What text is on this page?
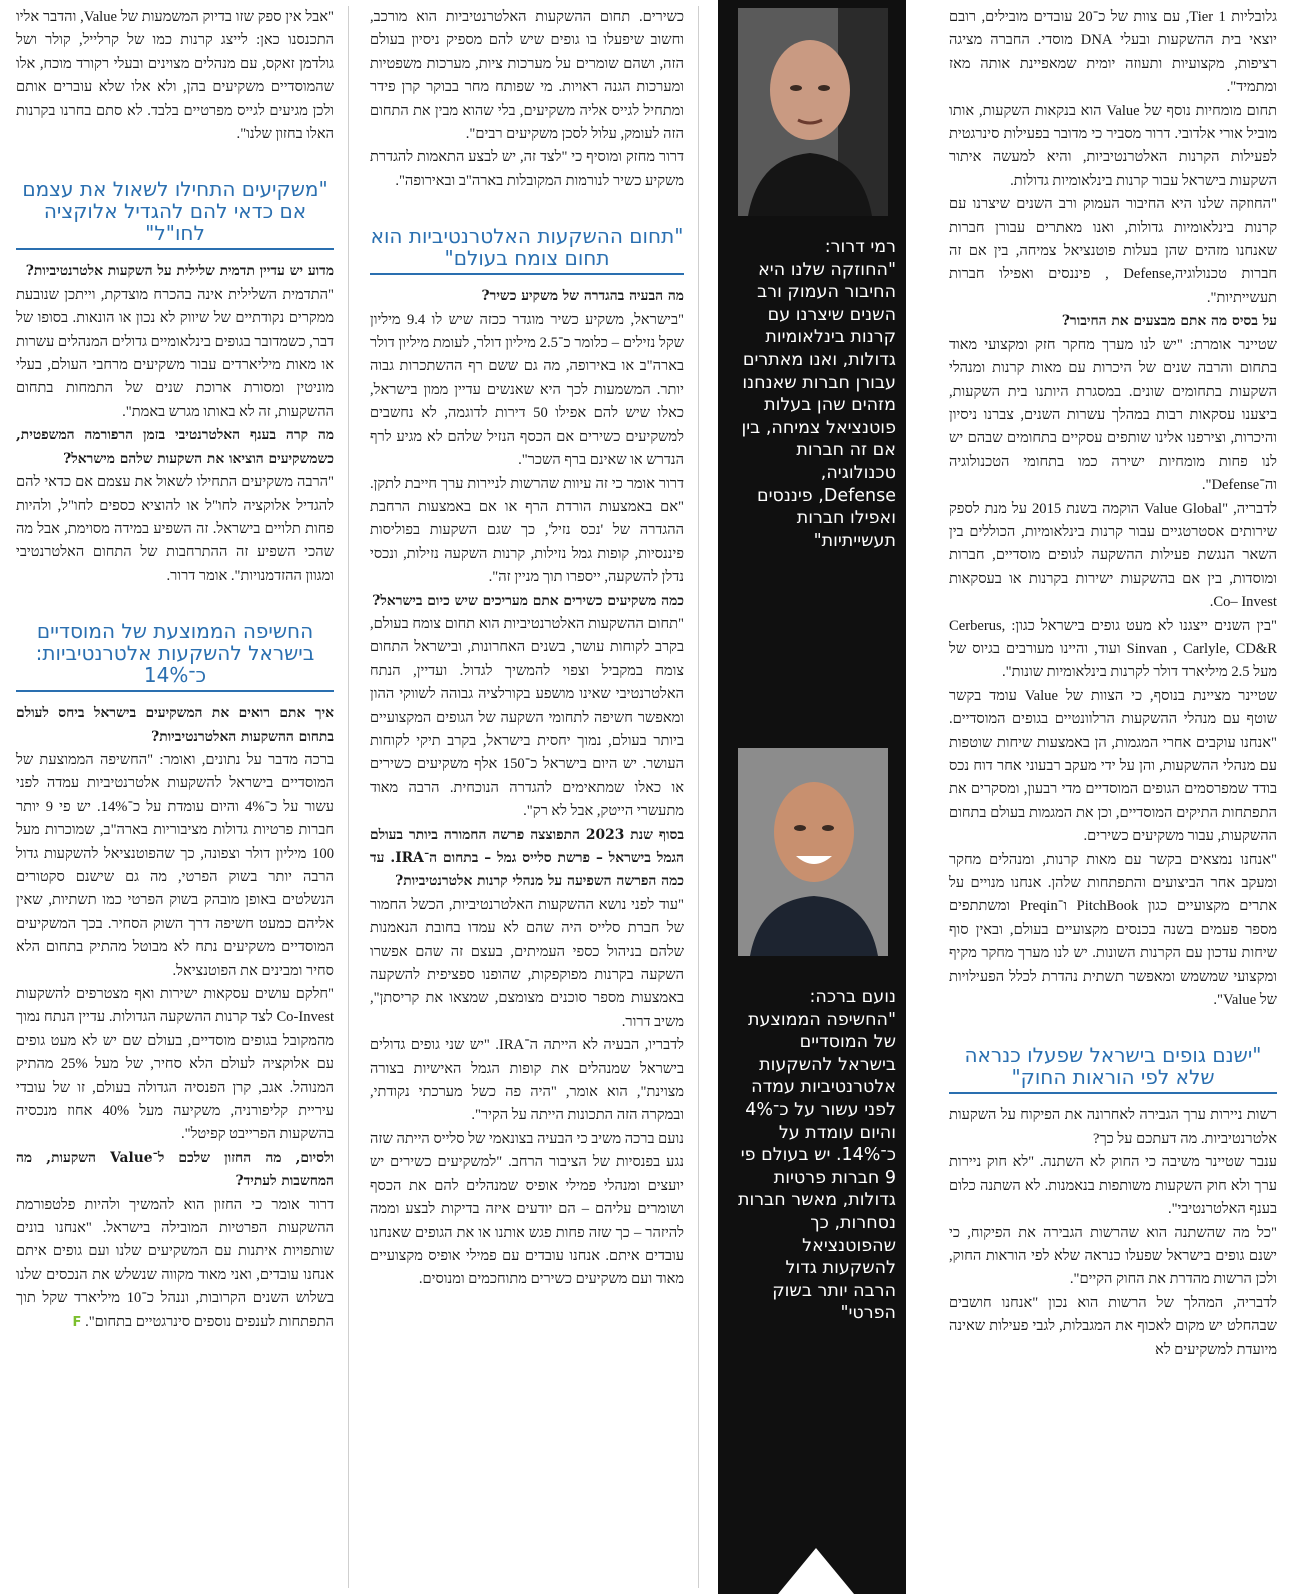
גלובליות Tier 1, עם צוות של כ־20 עובדים מובילים, רובם יוצאי בית ההשקעות ובעלי DNA מוסדי. החברה מציגה רציפות, מקצועיות ותעוזה יומית שמאפיינת אותה מאז ומתמיד".

תחום מומחיות נוסף של Value הוא בנקאות השקעות, אותו מוביל אורי אלדובי. דרור מסביר כי מדובר בפעילות סינרגטית לפעילות הקרנות האלטרנטיביות, והיא למעשה איתור השקעות בישראל עבור קרנות בינלאומיות גדולות.

"החוזקה שלנו היא החיבור העמוק ורב השנים שיצרנו עם קרנות בינלאומיות גדולות, ואנו מאתרים עבורן חברות שאנחנו מזהים שהן בעלות פוטנציאל צמיחה, בין אם זה חברות טכנולוגיה,Defense , פיננסים ואפילו חברות תעשייתיות".

על בסיס מה אתם מבצעים את החיבור?

שטיינר אומרת: "יש לנו מערך מחקר חזק ומקצועי מאוד בתחום והרבה שנים של היכרות עם מאות קרנות ומנהלי השקעות בתחומים שונים. במסגרת היותנו בית השקעות, ביצענו עסקאות רבות במהלך עשרות השנים, צברנו ניסיון והיכרות, וצירפנו אלינו שותפים עסקיים בתחומים שבהם יש לנו פחות מומחיות ישירה כמו בתחומי הטכנולוגיה וה־Defense".

לדבריה, "Value Global הוקמה בשנת 2015 על מנת לספק שירותים אסטרטגיים עבור קרנות בינלאומיות, הכוללים בין השאר הנגשת פעילות ההשקעה לגופים מוסדיים, חברות ומוסדות, בין אם בהשקעות ישירות בקרנות או בעסקאות Co– Invest.

"בין השנים ייצגנו לא מעט גופים בישראל כגון: Cerberus, Sinvan , Carlyle, CD&R ועוד, והיינו מעורבים בגיוס של מעל 2.5 מיליארד דולר לקרנות בינלאומיות שונות".

שטיינר מציינת בנוסף, כי הצוות של Value עומד בקשר שוטף עם מנהלי ההשקעות הרלוונטיים בגופים המוסדיים. "אנחנו עוקבים אחרי המגמות, הן באמצעות שיחות שוטפות עם מנהלי ההשקעות, והן על ידי מעקב רבעוני אחר דוח נכס בודד שמפרסמים הגופים המוסדיים מדי רבעון, ומסקרים את התפתחות התיקים המוסדיים, וכן את המגמות בעולם בתחום ההשקעות, עבור משקיעים כשירים.

"אנחנו נמצאים בקשר עם מאות קרנות, ומנהלים מחקר ומעקב אחר הביצועים והתפתחות שלהן. אנחנו מנויים על אתרים מקצועיים כגון PitchBook ו־Preqin ומשתתפים מספר פעמים בשנה בכנסים מקצועיים בעולם, ובאין סוף שיחות עדכון עם הקרנות השונות. יש לנו מערך מחקר מקיף ומקצועי שמשמש ומאפשר תשתית נהדרת לכלל הפעילויות של Value".

"ישנם גופים בישראל שפעלו כנראה שלא לפי הוראות החוק"

רשות ניירות ערך הגבירה לאחרונה את הפיקוח על השקעות אלטרנטיביות. מה דעתכם על כך?

ענבר שטיינר משיבה כי החוק לא השתנה. "לא חוק ניירות ערך ולא חוק השקעות משותפות בנאמנות. לא השתנה כלום בענף האלטרנטיבי".

"כל מה שהשתנה הוא שהרשות הגבירה את הפיקוח, כי ישנם גופים בישראל שפעלו כנראה שלא לפי הוראות החוק, ולכן הרשות מהדרת את החוק הקיים".

לדבריה, המהלך של הרשות הוא נכון "אנחנו חושבים שבהחלט יש מקום לאכוף את המגבלות, לגבי פעילות שאינה מיועדת למשקיעים לא

רמי דרור:
"החוזקה שלנו היא החיבור העמוק ורב השנים שיצרנו עם קרנות בינלאומיות גדולות, ואנו מאתרים עבורן חברות שאנחנו מזהים שהן בעלות פוטנציאל צמיחה, בין אם זה חברות טכנולוגיה, Defense, פיננסים ואפילו חברות תעשייתיות"
נועם ברכה:
"החשיפה הממוצעת של המוסדיים בישראל להשקעות אלטרנטיביות עמדה לפני עשור על כ־4% והיום עומדת על כ־14%. יש בעולם פי 9 חברות פרטיות גדולות, מאשר חברות נסחרות, כך שהפוטנציאל להשקעות גדול הרבה יותר בשוק הפרטי"

כשירים. תחום ההשקעות האלטרנטיביות הוא מורכב, וחשוב שיפעלו בו גופים שיש להם מספיק ניסיון בעולם הזה, ושהם שומרים על מערכות ציות, מערכות משפטיות ומערכות הגנה ראויות. מי שפותח מחר בבוקר קרן פידר ומתחיל לגייס אליה משקיעים, בלי שהוא מבין את התחום הזה לעומק, עלול לסכן משקיעים רבים".

דרור מחזק ומוסיף כי "לצד זה, יש לבצע התאמות להגדרת משקיע כשיר לנורמות המקובלות בארה"ב ובאירופה".

"תחום ההשקעות האלטרנטיביות הוא תחום צומח בעולם"

מה הבעיה בהגדרה של משקיע כשיר?

"בישראל, משקיע כשיר מוגדר ככזה שיש לו 9.4 מיליון שקל נזילים – כלומר כ־2.5 מיליון דולר, לעומת מיליון דולר בארה"ב או באירופה, מה גם ששם רף ההשתכרות גבוה יותר. המשמעות לכך היא שאנשים עדיין ממון בישראל, כאלו שיש להם אפילו 50 דירות לדוגמה, לא נחשבים למשקיעים כשירים אם הכסף הנזיל שלהם לא מגיע לרף הנדרש או שאינם ברף השכר".

דרור אומר כי זה עיוות שהרשות לניירות ערך חייבת לתקן. "אם באמצעות הורדת הרף או אם באמצעות הרחבת ההגדרה של 'נכס נזיל', כך שגם השקעות בפוליסות פיננסיות, קופות גמל נזילות, קרנות השקעה נזילות, ונכסי נדלן להשקעה, ייספרו תוך מניין זה".

כמה משקיעים כשירים אתם מעריכים שיש כיום בישראל?

"תחום ההשקעות האלטרנטיביות הוא תחום צומח בעולם, בקרב לקוחות עושר, בשנים האחרונות, ובישראל התחום צומח במקביל וצפוי להמשיך לגדול. ועדיין, הנתח האלטרנטיבי שאינו מושפע בקורלציה גבוהה לשווקי ההון ומאפשר חשיפה לתחומי השקעה של הגופים המקצועיים ביותר בעולם, נמוך יחסית בישראל, בקרב תיקי לקוחות העושר. יש היום בישראל כ־150 אלף משקיעים כשירים או כאלו שמתאימים להגדרה הנוכחית. הרבה מאוד מתעשרי הייטק, אבל לא רק".

בסוף שנת 2023 התפוצצה פרשה החמורה ביותר בעולם הגמל בישראל – פרשת סלייס גמל – בתחום ה־IRA. עד כמה הפרשה השפיעה על מנהלי קרנות אלטרנטיביות?

"עוד לפני נושא ההשקעות האלטרנטיביות, הכשל החמור של חברת סלייס היה שהם לא עמדו בחובת הנאמנות שלהם בניהול כספי העמיתים, בעצם זה שהם אפשרו השקעה בקרנות מפוקפקות, שהופנו ספציפית להשקעה באמצעות מספר סוכנים מצומצם, שמצאו את קריסתן", משיב דרור.

לדבריו, הבעיה לא הייתה ה־IRA. "יש שני גופים גדולים בישראל שמנהלים את קופות הגמל האישיות בצורה מצוינת", הוא אומר, "היה פה כשל מערכתי נקודתי, ובמקרה הזה התכונות הייתה על הקיר".

נועם ברכה משיב כי הבעיה בצונאמי של סלייס הייתה שזה נגע בפנסיות של הציבור הרחב. "למשקיעים כשירים יש יועצים ומנהלי פמילי אופיס שמנהלים להם את הכסף ושומרים עליהם – הם יודעים איזה בדיקות לבצע וממה להיזהר – כך שזה פחות פגש אותנו או את הגופים שאנחנו עובדים איתם. אנחנו עובדים עם פמילי אופיס מקצועיים מאוד ועם משקיעים כשירים מתוחכמים ומנוסים.

"אבל אין ספק שזו בדיוק המשמעות של Value, והדבר אליו התכנסנו כאן: לייצג קרנות כמו של קרלייל, קולר ושל גולדמן זאקס, עם מנהלים מצוינים ובעלי רקורד מוכח, אלו שהמוסדיים משקיעים בהן, ולא אלו שלא עוברים אותם ולכן מגיעים לגייס מפרטיים בלבד. לא סתם בחרנו בקרנות האלו בחזון שלנו".

"משקיעים התחילו לשאול את עצמם אם כדאי להם להגדיל אלוקציה לחו"ל"

מדוע יש עדיין תדמית שלילית על השקעות אלטרנטיביות?

"התדמית השלילית אינה בהכרח מוצדקת, וייתכן שנובעת ממקרים נקודתיים של שיווק לא נכון או הונאות. בסופו של דבר, כשמדובר בגופים בינלאומיים גדולים המנהלים עשרות או מאות מיליארדים עבור משקיעים מרחבי העולם, בעלי מוניטין ומסורת ארוכת שנים של התמחות בתחום ההשקעות, זה לא באותו מגרש באמת".

מה קרה בענף האלטרנטיבי בזמן הרפורמה המשפטית, כשמשקיעים הוציאו את השקעות שלהם מישראל?

"הרבה משקיעים התחילו לשאול את עצמם אם כדאי להם להגדיל אלוקציה לחו"ל או להוציא כספים לחו"ל, ולהיות פחות תלויים בישראל. זה השפיע במידה מסוימת, אבל מה שהכי השפיע זה ההתרחבות של התחום האלטרנטיבי ומגוון ההזדמנויות". אומר דרור.

החשיפה הממוצעת של המוסדיים בישראל להשקעות אלטרנטיביות: כ־14%

איך אתם רואים את המשקיעים בישראל ביחס לעולם בתחום ההשקעות האלטרנטיביות?

ברכה מדבר על נתונים, ואומר: "החשיפה הממוצעת של המוסדיים בישראל להשקעות אלטרנטיביות עמדה לפני עשור על כ־4% והיום עומדת על כ־14%. יש פי 9 יותר חברות פרטיות גדולות מציבוריות בארה"ב, שמוכרות מעל 100 מיליון דולר וצפונה, כך שהפוטנציאל להשקעות גדול הרבה יותר בשוק הפרטי, מה גם שישנם סקטורים הנשלטים באופן מובהק בשוק הפרטי כמו תשתיות, שאין אליהם כמעט חשיפה דרך השוק הסחיר. בכך המשקיעים המוסדיים משקיעים נתח לא מבוטל מהתיק בתחום הלא סחיר ומבינים את הפוטנציאל.

"חלקם עושים עסקאות ישירות ואף מצטרפים להשקעות Co-Invest לצד קרנות ההשקעה הגדולות. עדיין הנתח נמוך מהמקובל בגופים מוסדיים, בעולם שם יש לא מעט גופים עם אלוקציה לעולם הלא סחיר, של מעל 25% מהתיק המנוהל. אגב, קרן הפנסיה הגדולה בעולם, זו של עובדי עיריית קליפורניה, משקיעה מעל 40% אחוז מנכסיה בהשקעות הפרייבט קפיטל".

ולסיום, מה החזון שלכם ל־Value השקעות, מה המחשבות לעתיד?

דרור אומר כי החזון הוא להמשיך ולהיות פלטפורמת ההשקעות הפרטיות המובילה בישראל. "אנחנו בונים שותפויות איתנות עם המשקיעים שלנו ועם גופים איתם אנחנו עובדים, ואני מאוד מקווה שנשלש את הנכסים שלנו בשלוש השנים הקרובות, וננהל כ־10 מיליארד שקל תוך התפתחות לענפים נוספים סינרגטיים בתחום". F
